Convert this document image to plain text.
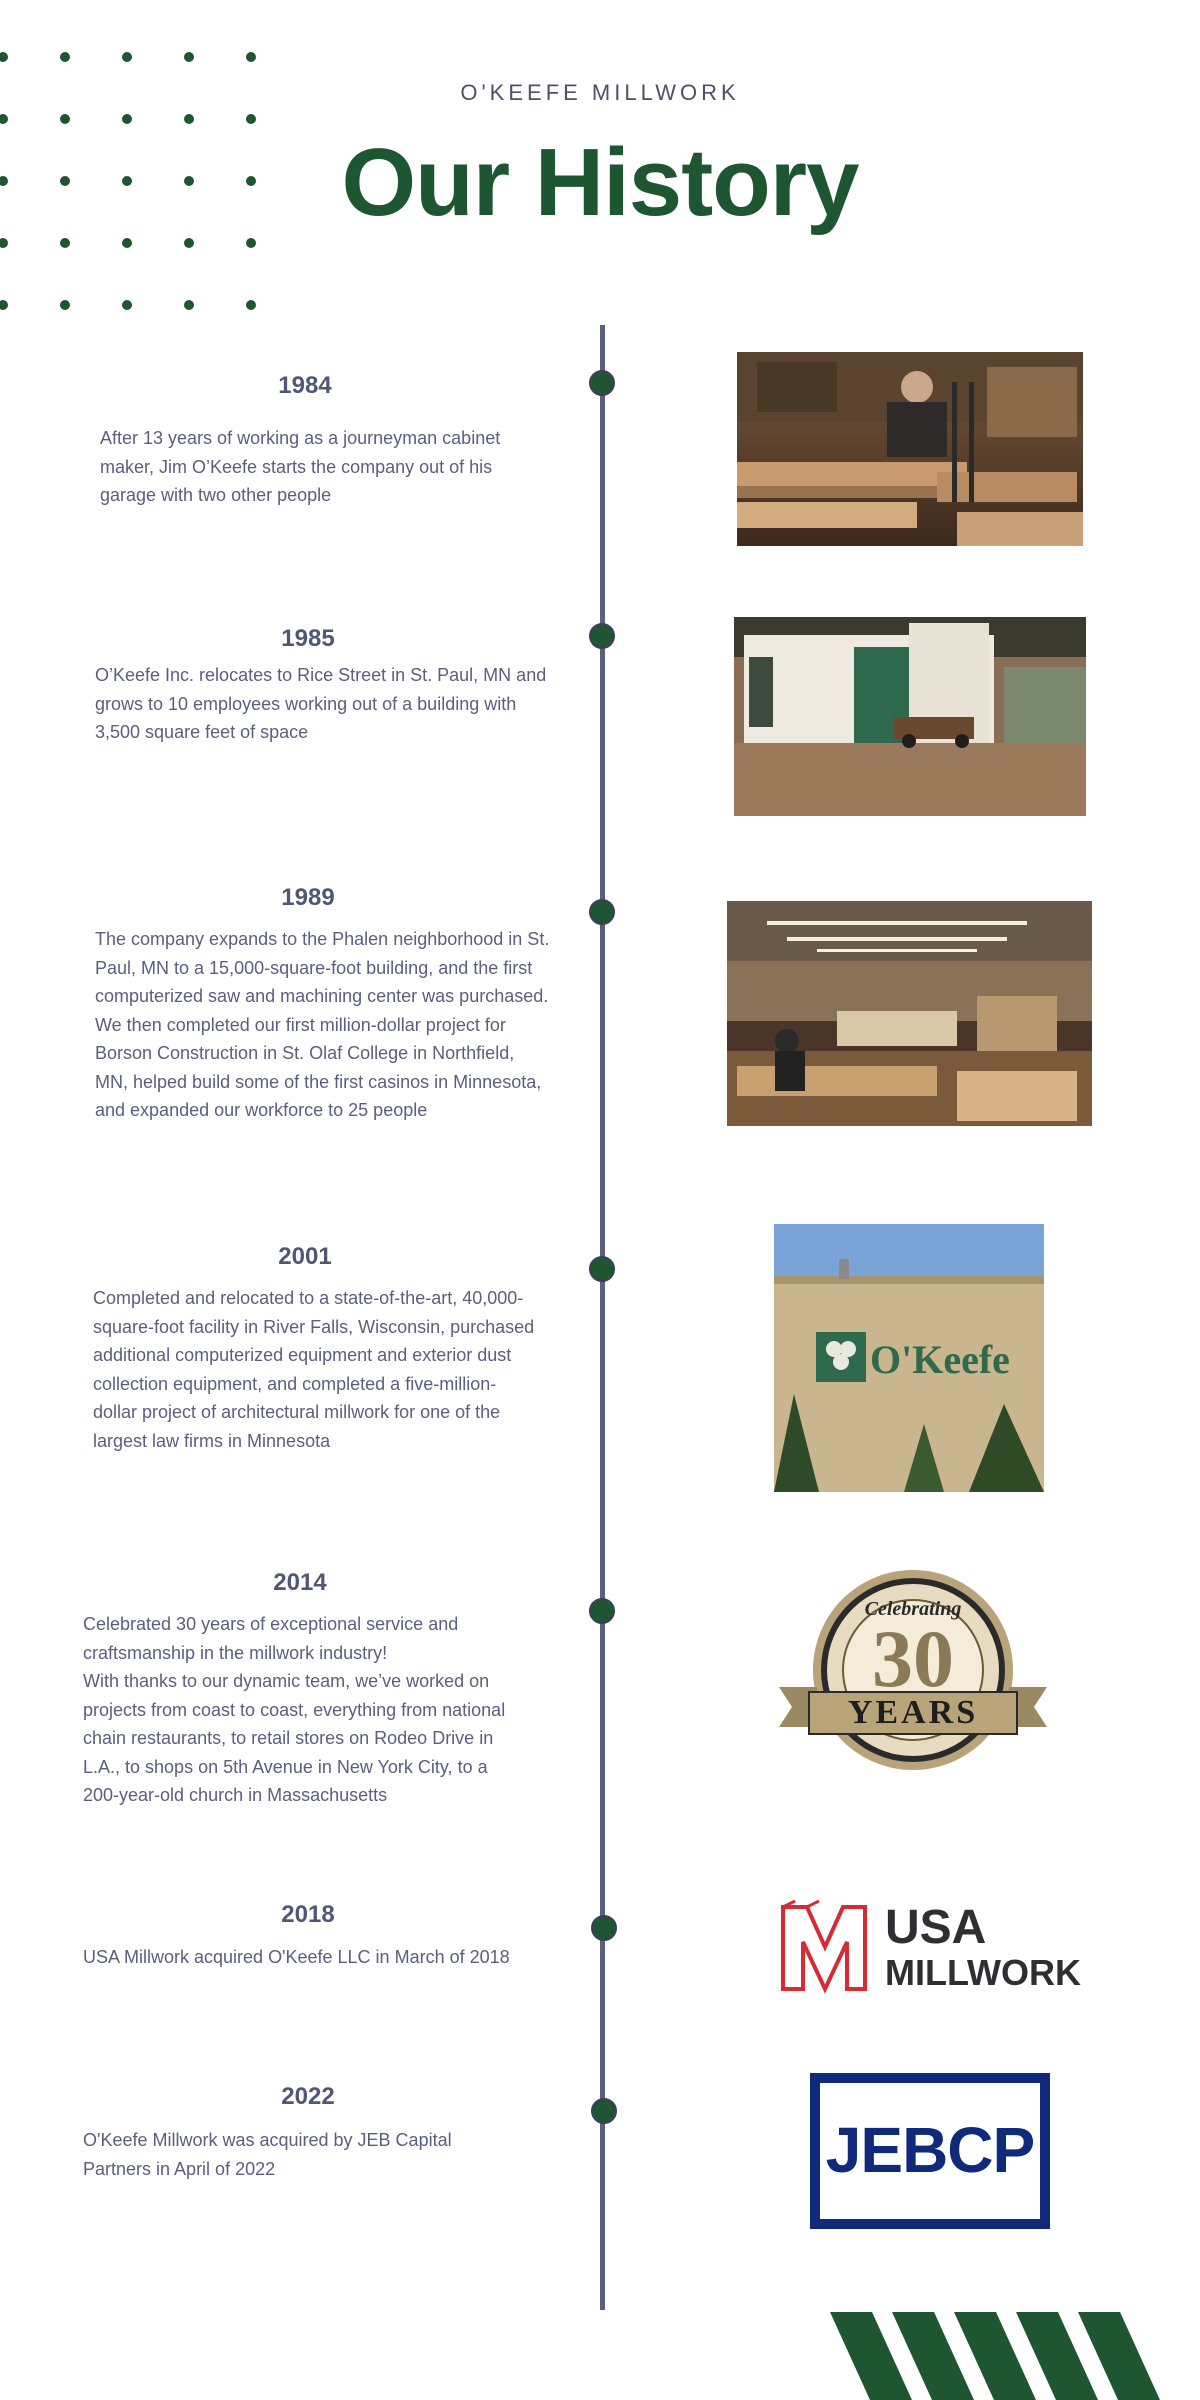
O'KEEFE MILLWORK
Our History
1984
After 13 years of working as a journeyman cabinet maker, Jim O’Keefe starts the company out of his garage with two other people
1985
O’Keefe Inc. relocates to Rice Street in St. Paul, MN and grows to 10 employees working out of a building with 3,500 square feet of space
1989
The company expands to the Phalen neighborhood in St. Paul, MN to a 15,000-square-foot building, and the first computerized saw and machining center was purchased. We then completed our first million-dollar project for Borson Construction in St. Olaf College in Northfield, MN, helped build some of the first casinos in Minnesota, and expanded our workforce to 25 people
2001
Completed and relocated to a state-of-the-art, 40,000-square-foot facility in River Falls, Wisconsin, purchased additional computerized equipment and exterior dust collection equipment, and completed a five-million-dollar project of architectural millwork for one of the largest law firms in Minnesota
2014
Celebrated 30 years of exceptional service and craftsmanship in the millwork industry!
With thanks to our dynamic team, we’ve worked on projects from coast to coast, everything from national chain restaurants, to retail stores on Rodeo Drive in L.A., to shops on 5th Avenue in New York City, to a 200-year-old church in Massachusetts
2018
USA Millwork acquired O'Keefe LLC in March of 2018
2022
O'Keefe Millwork was acquired by JEB Capital Partners in April of 2022
O'Keefe
Celebrating
30
YEARS
USA
MILLWORK
JEBCP
